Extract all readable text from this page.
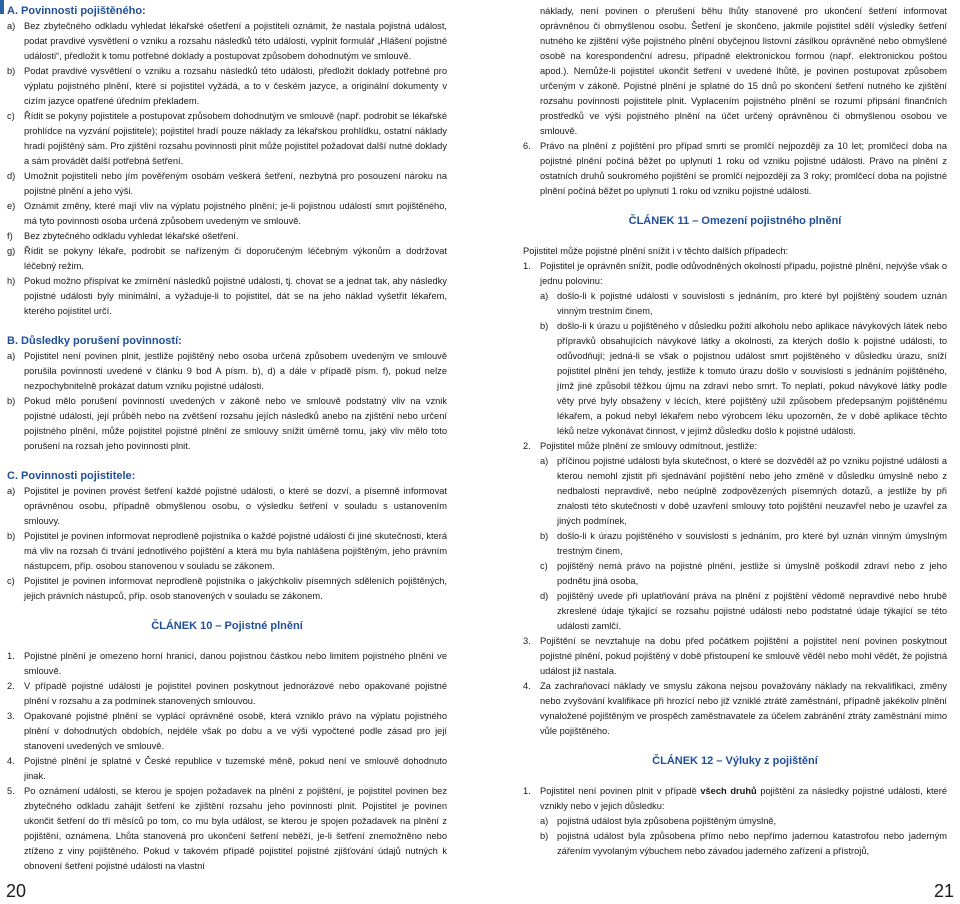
A. Povinnosti pojištěného:

a) Bez zbytečného odkladu vyhledat lékařské ošetření a pojistiteli oznámit, že nastala pojistná událost, podat pravdivé vysvětlení o vzniku a rozsahu následků této události, vyplnit formulář „Hlášení pojistné události“, předložit k tomu potřebné doklady a postupovat způsobem dohodnutým ve smlouvě.
b) Podat pravdivé vysvětlení o vzniku a rozsahu následků této události, předložit doklady potřebné pro výplatu pojistného plnění, které si pojistitel vyžádá, a to v českém jazyce, a originální dokumenty v cizím jazyce opatřené úředním překladem.
c) Řídit se pokyny pojistitele a postupovat způsobem dohodnutým ve smlouvě (např. podrobit se lékařské prohlídce na vyzvání pojistitele); pojistitel hradí pouze náklady za lékařskou prohlídku, ostatní náklady hradí pojištěný sám. Pro zjištění rozsahu povinnosti plnit může pojistitel požadovat další nutné doklady a sám provádět další potřebná šetření.
d) Umožnit pojistiteli nebo jím pověřeným osobám veškerá šetření, nezbytná pro posouzení nároku na pojistné plnění a jeho výši.
e) Oznámit změny, které mají vliv na výplatu pojistného plnění; je-li pojistnou událostí smrt pojištěného, má tyto povinnosti osoba určená způsobem uvedeným ve smlouvě.
f)	Bez zbytečného odkladu vyhledat lékařské ošetření.
g) Řídit se pokyny lékaře, podrobit se nařízeným či doporučeným léčebným výkonům a dodržovat léčebný režim.
h) Pokud možno přispívat ke zmírnění následků pojistné události, tj. chovat se a jednat tak, aby následky pojistné události byly minimální, a vyžaduje-li to pojistitel, dát se na jeho náklad vyšetřit lékařem, kterého pojistitel určí.

B. Důsledky porušení povinností:

a) Pojistitel není povinen plnit, jestliže pojištěný nebo osoba určená způsobem uvedeným ve smlouvě porušila povinnosti uvedené v článku 9 bod A písm. b), d) a dále v případě písm. f), pokud nelze nezpochybnitelně prokázat datum vzniku pojistné události.
b) Pokud mělo porušení povinností uvedených v zákoně nebo ve smlouvě podstatný vliv na vznik pojistné události, její průběh nebo na zvětšení rozsahu jejích následků anebo na zjištění nebo určení pojistného plnění, může pojistitel pojistné plnění ze smlouvy snížit úměrně tomu, jaký vliv mělo toto porušení na rozsah jeho povinnosti plnit.

C. Povinnosti pojistitele:

a) Pojistitel je povinen provést šetření každé pojistné události, o které se dozví, a písemně informovat oprávněnou osobu, případně obmyšlenou osobu, o výsledku šetření v souladu s ustanovením smlouvy.
b) Pojistitel je povinen informovat neprodleně pojistníka o každé pojistné události či jiné skutečnosti, která má vliv na rozsah či trvání jednotlivého pojištění a která mu byla nahlášena pojištěným, jeho právním nástupcem, příp. osobou stanovenou v souladu se zákonem.
c) Pojistitel je povinen informovat neprodleně pojistníka o jakýchkoliv písemných sděleních pojištěných, jejich právních nástupců, příp. osob stanovených v souladu se zákonem.
ČLÁNEK 10 – Pojistné plnění
1. Pojistné plnění je omezeno horní hranicí, danou pojistnou částkou nebo limitem pojistného plnění ve smlouvě.
2. V případě pojistné události je pojistitel povinen poskytnout jednorázové nebo opakované pojistné plnění v rozsahu a za podmínek stanovených smlouvou.
3. Opakované pojistné plnění se vyplácí oprávněné osobě, která vzniklo právo na výplatu pojistného plnění v dohodnutých obdobích, nejdéle však po dobu a ve výši vypočtené podle zásad pro její stanovení uvedených ve smlouvě.
4. Pojistné plnění je splatné v České republice v tuzemské měně, pokud není ve smlouvě dohodnuto jinak.
5. Po oznámení události, se kterou je spojen požadavek na plnění z pojištění, je pojistitel povinen bez zbytečného odkladu zahájit šetření ke zjištění rozsahu jeho povinnosti plnit. Pojistitel je povinen ukončit šetření do tří měsíců po tom, co mu byla událost, se kterou je spojen požadavek na plnění z pojištění, oznámena. Lhůta stanovená pro ukončení šetření neběží, je-li šetření znemožněno nebo ztíženo z viny pojištěného. Pokud v takovém případě pojistitel pojistné zjišťování údajů nutných k obnovení šetření pojistné události na vlastní
20
náklady, není povinen o přerušení běhu lhůty stanovené pro ukončení šetření informovat oprávněnou či obmyšlenou osobu. Šetření je skončeno, jakmile pojistitel sdělí výsledky šetření nutného ke zjištění výše pojistného plnění obyčejnou listovní zásilkou oprávněné nebo obmyšlené osobě na korespondenční adresu, případně elektronickou formou (např. elektronickou poštou apod.). Nemůže-li pojistitel ukončit šetření v uvedené lhůtě, je povinen postupovat způsobem určeným v zákoně. Pojistné plnění je splatné do 15 dnů po skončení šetření nutného ke zjištění rozsahu povinnosti pojistitele plnit. Vyplacením pojistného plnění se rozumí připsání finančních prostředků ve výši pojistného plnění na účet určený oprávněnou či obmyšlenou osobou ve smlouvě.
6. Právo na plnění z pojištění pro případ smrti se promlčí nejpozději za 10 let; promlčecí doba na pojistné plnění počíná běžet po uplynutí 1 roku od vzniku pojistné události. Právo na plnění z ostatních druhů soukromého pojištění se promlčí nejpozději za 3 roky; promlčecí doba na pojistné plnění počíná běžet po uplynutí 1 roku od vzniku pojistné události.
ČLÁNEK 11 – Omezení pojistného plnění

Pojistitel může pojistné plnění snížit i v těchto dalších případech:

1. Pojistitel je oprávněn snížit, podle odůvodněných okolností případu, pojistné plnění, nejvýše však o jednu polovinu:
a) došlo-li k pojistné události v souvislosti s jednáním, pro které byl pojištěný soudem uznán vinným trestním činem,
b) došlo-li k úrazu u pojištěného v důsledku požití alkoholu nebo aplikace návykových látek nebo přípravků obsahujících návykové látky a okolnosti, za kterých došlo k pojistné události, to odůvodňují; jedná-li se však o pojistnou událost smrt pojištěného v důsledku úrazu, sníží pojistitel plnění jen tehdy, jestliže k tomuto úrazu došlo v souvislosti s jednáním pojištěného, jímž jiné způsobil těžkou újmu na zdraví nebo smrt. To neplatí, pokud návykové látky podle věty prvé byly obsaženy v lécích, které pojištěný užil způsobem předepsaným pojištěnému lékařem, a pokud nebyl lékařem nebo výrobcem léku upozorněn, že v době aplikace těchto léků nelze vykonávat činnost, v jejímž důsledku došlo k pojistné události.
2. Pojistitel může plnění ze smlouvy odmítnout, jestliže:
a) příčinou pojistné události byla skutečnost, o které se dozvěděl až po vzniku pojistné události a kterou nemohl zjistit při sjednávání pojištění nebo jeho změně v důsledku úmyslně nebo z nedbalosti nepravdivě, nebo neúplně zodpovězených písemných dotazů, a jestliže by při znalosti této skutečnosti v době uzavření smlouvy toto pojištění neuzavřel nebo je uzavřel za jiných podmínek,
b) došlo-li k úrazu pojištěného v souvislosti s jednáním, pro které byl uznán vinným úmyslným trestným činem,
c) pojištěný nemá právo na pojistné plnění, jestliže si úmyslně poškodil zdraví nebo z jeho podnětu jiná osoba,
d) pojištěný uvede při uplatňování práva na plnění z pojištění vědomě nepravdivé nebo hrubě zkreslené údaje týkající se rozsahu pojistné události nebo podstatné údaje týkající se této události zamlčí.
3. Pojištění se nevztahuje na dobu před počátkem pojištění a pojistitel není povinen poskytnout pojistné plnění, pokud pojištěný v době přistoupení ke smlouvě věděl nebo mohl vědět, že pojistná událost již nastala.
4. Za zachraňovací náklady ve smyslu zákona nejsou považovány náklady na rekvalifikaci, změny nebo zvyšování kvalifikace při hrozící nebo již vzniklé ztrátě zaměstnání, případně jakékoliv plnění vynaložené pojištěným ve prospěch zaměstnavatele za účelem zabránění ztráty zaměstnání mimo vůle pojištěného.
ČLÁNEK 12 – Výluky z pojištění
1. Pojistitel není povinen plnit v případě všech druhů pojištění za následky pojistné události, které vznikly nebo v jejich důsledku:
a) pojistná událost byla způsobena pojištěným úmyslně,
b) pojistná událost byla způsobena přímo nebo nepřímo jadernou katastrofou nebo jaderným zářením vyvolaným výbuchem nebo závadou jaderného zařízení a přístrojů,
21
